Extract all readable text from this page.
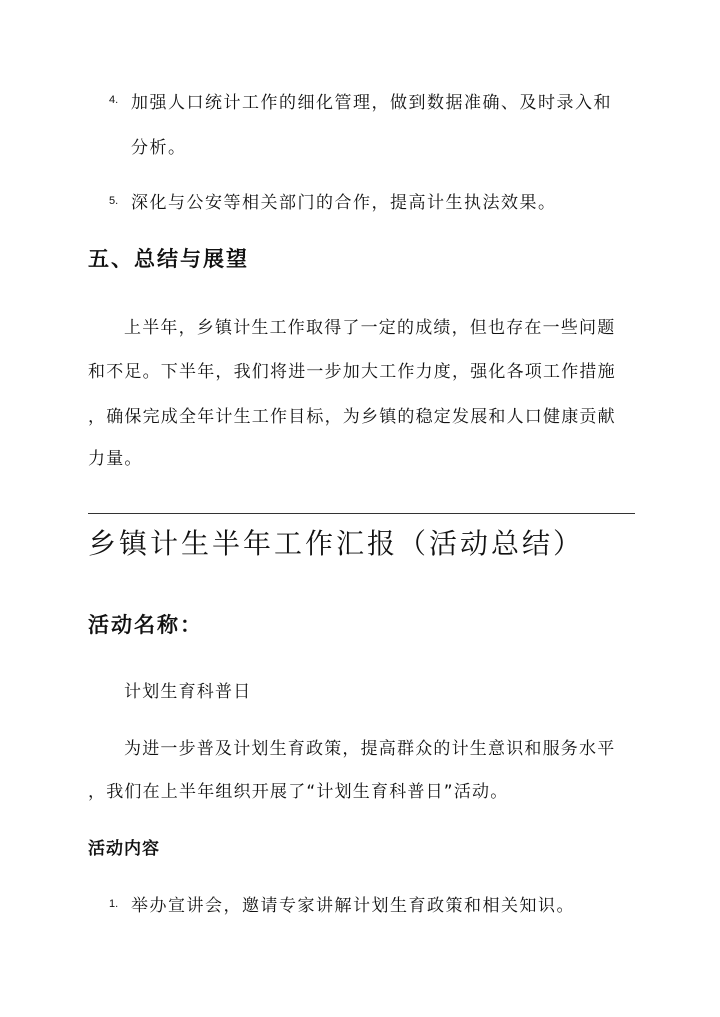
4. 加强人口统计工作的细化管理，做到数据准确、及时录入和
分析。
5. 深化与公安等相关部门的合作，提高计生执法效果。
五、总结与展望
上半年，乡镇计生工作取得了一定的成绩，但也存在一些问题
和不足。下半年，我们将进一步加大工作力度，强化各项工作措施
，确保完成全年计生工作目标，为乡镇的稳定发展和人口健康贡献
力量。
乡镇计生半年工作汇报（活动总结）
活动名称：
计划生育科普日
为进一步普及计划生育政策，提高群众的计生意识和服务水平
，我们在上半年组织开展了“计划生育科普日”活动。
活动内容
1. 举办宣讲会，邀请专家讲解计划生育政策和相关知识。
